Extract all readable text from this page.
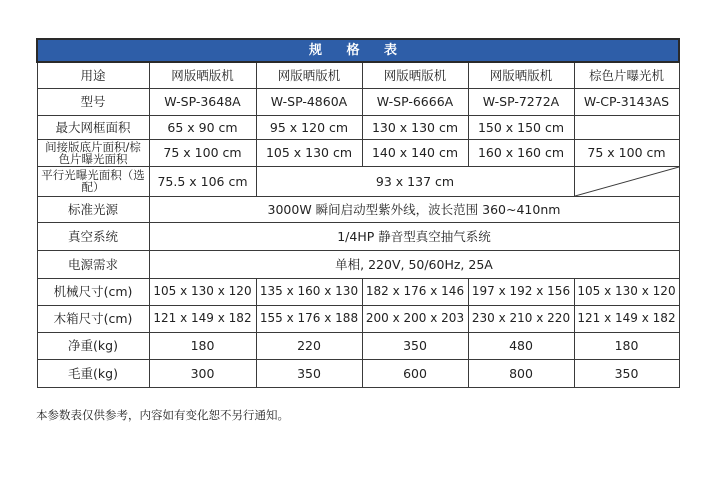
规 格 表					
用途	网版晒版机	网版晒版机	网版晒版机	网版晒版机	棕色片曝光机
型号	W-SP-3648A	W-SP-4860A	W-SP-6666A	W-SP-7272A	W-CP-3143AS
最大网框面积	65 x 90 cm	95 x 120 cm	130 x 130 cm	150 x 150 cm	
间接版底片面积/棕色片曝光面积	75 x 100 cm	105 x 130 cm	140 x 140 cm	160 x 160 cm	75 x 100 cm
平行光曝光面积（选配）	75.5 x 106 cm	93 x 137 cm	

标准光源	3000W 瞬间启动型紫外线，波长范围 360~410nm				
真空系统	1/4HP 静音型真空抽气系统				
电源需求	单相, 220V, 50/60Hz, 25A				
机械尺寸(cm)	105 x 130 x 120	135 x 160 x 130	182 x 176 x 146	197 x 192 x 156	105 x 130 x 120
木箱尺寸(cm)	121 x 149 x 182	155 x 176 x 188	200 x 200 x 203	230 x 210 x 220	121 x 149 x 182
净重(kg)	180	220	350	480	180
毛重(kg)	300	350	600	800	350
本参数表仅供参考，内容如有变化恕不另行通知。
